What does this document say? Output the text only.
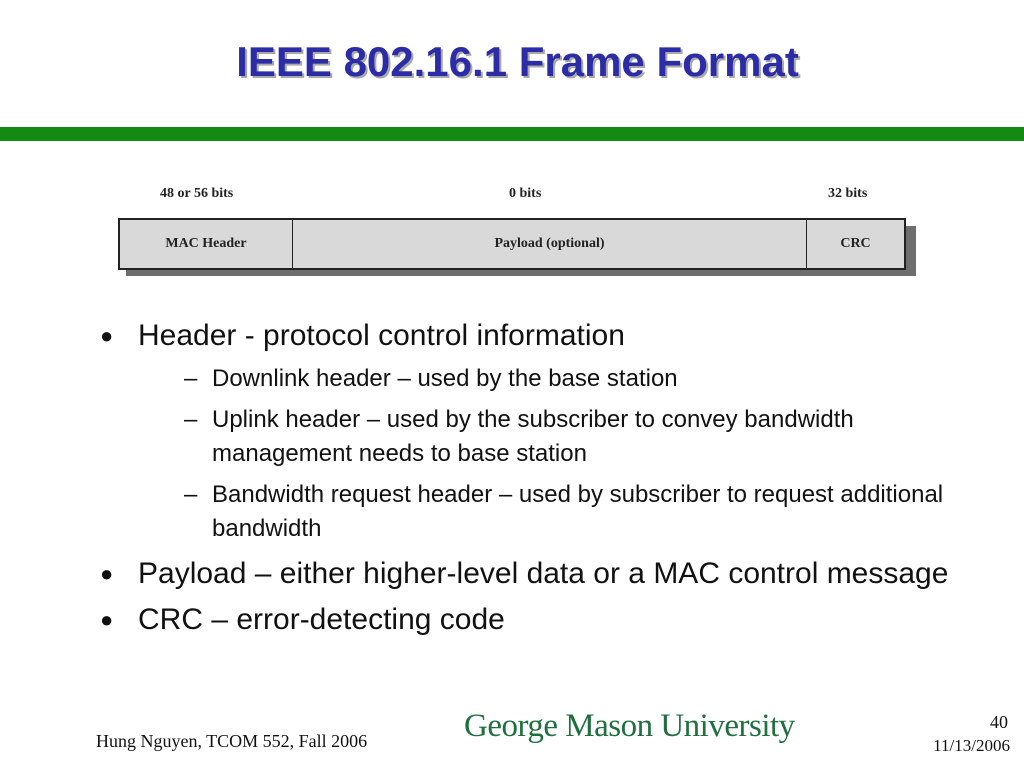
IEEE 802.16.1 Frame Format
48 or 56 bits	0 bits	32 bits
MAC Header	Payload (optional)	CRC
● Header - protocol control information
– Downlink header – used by the base station
– Uplink header – used by the subscriber to convey bandwidth management needs to base station
– Bandwidth request header – used by subscriber to request additional bandwidth
● Payload – either higher-level data or a MAC control message
● CRC – error-detecting code
Hung Nguyen, TCOM 552, Fall 2006	George Mason University	40
11/13/2006
